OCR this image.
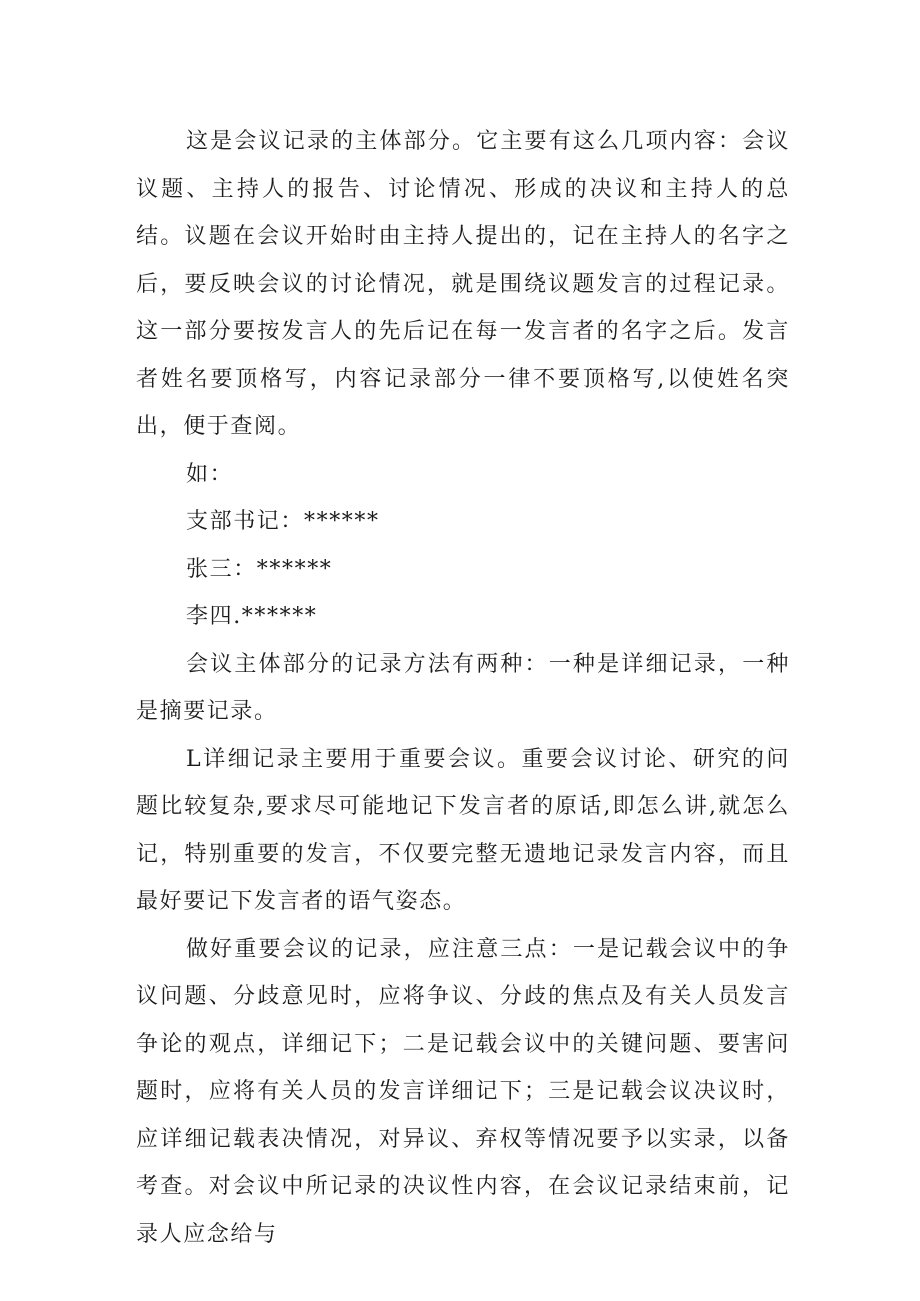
这是会议记录的主体部分。它主要有这么几项内容：会议议题、主持人的报告、讨论情况、形成的决议和主持人的总结。议题在会议开始时由主持人提出的，记在主持人的名字之后，要反映会议的讨论情况，就是围绕议题发言的过程记录。这一部分要按发言人的先后记在每一发言者的名字之后。发言者姓名要顶格写，内容记录部分一律不要顶格写,以使姓名突出，便于查阅。

如：

支部书记：******

张三：******

李四.******

会议主体部分的记录方法有两种：一种是详细记录，一种是摘要记录。

L详细记录主要用于重要会议。重要会议讨论、研究的问题比较复杂,要求尽可能地记下发言者的原话,即怎么讲,就怎么记，特别重要的发言，不仅要完整无遗地记录发言内容，而且最好要记下发言者的语气姿态。

做好重要会议的记录，应注意三点：一是记载会议中的争议问题、分歧意见时，应将争议、分歧的焦点及有关人员发言争论的观点，详细记下；二是记载会议中的关键问题、要害问题时，应将有关人员的发言详细记下；三是记载会议决议时，应详细记载表决情况，对异议、弃权等情况要予以实录，以备考查。对会议中所记录的决议性内容，在会议记录结束前，记录人应念给与
